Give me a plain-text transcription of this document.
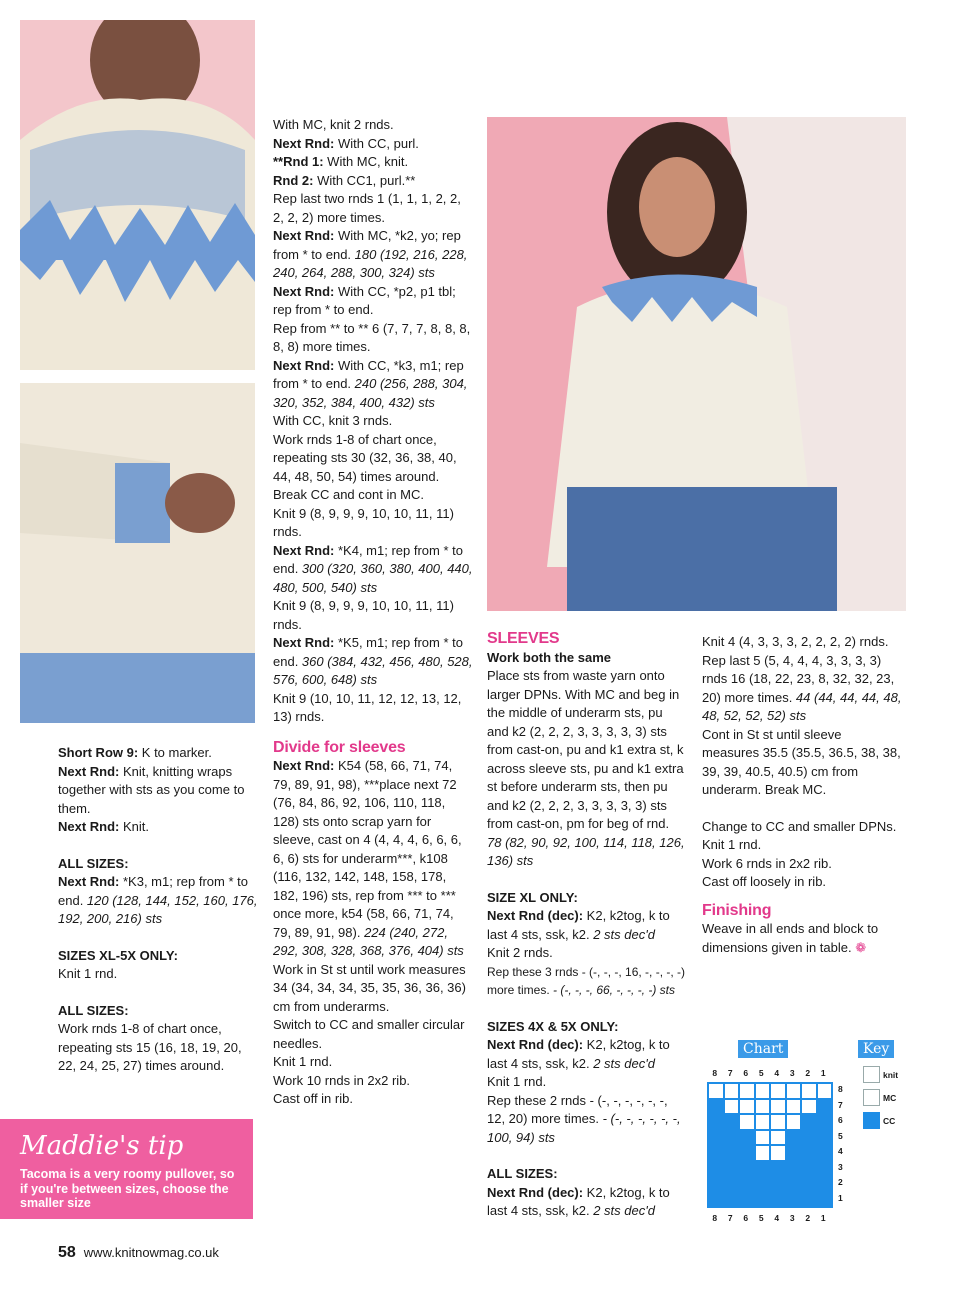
Short Row 9: K to marker.

Next Rnd: Knit, knitting wraps together with sts as you come to them.

Next Rnd: Knit.

ALL SIZES:

Next Rnd: *K3, m1; rep from * to end. 120 (128, 144, 152, 160, 176, 192, 200, 216) sts

SIZES XL-5X ONLY:

Knit 1 rnd.

ALL SIZES:

Work rnds 1-8 of chart once, repeating sts 15 (16, 18, 19, 20, 22, 24, 25, 27) times around.

Maddie's tip
Tacoma is a very roomy pullover, so if you're between sizes, choose the smaller size

With MC, knit 2 rnds.

Next Rnd: With CC, purl.

**Rnd 1: With MC, knit.

Rnd 2: With CC1, purl.**

Rep last two rnds 1 (1, 1, 1, 2, 2, 2, 2, 2) more times.

Next Rnd: With MC, *k2, yo; rep from * to end. 180 (192, 216, 228, 240, 264, 288, 300, 324) sts

Next Rnd: With CC, *p2, p1 tbl; rep from * to end.

Rep from ** to ** 6 (7, 7, 7, 8, 8, 8, 8, 8) more times.

Next Rnd: With CC, *k3, m1; rep from * to end. 240 (256, 288, 304, 320, 352, 384, 400, 432) sts

With CC, knit 3 rnds.

Work rnds 1-8 of chart once, repeating sts 30 (32, 36, 38, 40, 44, 48, 50, 54) times around.

Break CC and cont in MC.

Knit 9 (8, 9, 9, 9, 10, 10, 11, 11) rnds.

Next Rnd: *K4, m1; rep from * to end. 300 (320, 360, 380, 400, 440, 480, 500, 540) sts

Knit 9 (8, 9, 9, 9, 10, 10, 11, 11) rnds.

Next Rnd: *K5, m1; rep from * to end. 360 (384, 432, 456, 480, 528, 576, 600, 648) sts

Knit 9 (10, 10, 11, 12, 12, 13, 12, 13) rnds.

Divide for sleeves

Next Rnd: K54 (58, 66, 71, 74, 79, 89, 91, 98), ***place next 72 (76, 84, 86, 92, 106, 110, 118, 128) sts onto scrap yarn for sleeve, cast on 4 (4, 4, 4, 6, 6, 6, 6, 6) sts for underarm***, k108 (116, 132, 142, 148, 158, 178, 182, 196) sts, rep from *** to *** once more, k54 (58, 66, 71, 74, 79, 89, 91, 98). 224 (240, 272, 292, 308, 328, 368, 376, 404) sts

Work in St st until work measures 34 (34, 34, 34, 35, 35, 36, 36, 36) cm from underarms.

Switch to CC and smaller circular needles.

Knit 1 rnd.

Work 10 rnds in 2x2 rib.

Cast off in rib.

SLEEVES

Work both the same

Place sts from waste yarn onto larger DPNs. With MC and beg in the middle of underarm sts, pu and k2 (2, 2, 2, 3, 3, 3, 3, 3) sts from cast-on, pu and k1 extra st, k across sleeve sts, pu and k1 extra st before underarm sts, then pu and k2 (2, 2, 2, 3, 3, 3, 3, 3) sts from cast-on, pm for beg of rnd. 78 (82, 90, 92, 100, 114, 118, 126, 136) sts

SIZE XL ONLY:

Next Rnd (dec): K2, k2tog, k to last 4 sts, ssk, k2. 2 sts dec'd

Knit 2 rnds.

Rep these 3 rnds - (-, -, -, 16, -, -, -, -) more times. - (-, -, -, 66, -, -, -, -) sts

SIZES 4X & 5X ONLY:

Next Rnd (dec): K2, k2tog, k to last 4 sts, ssk, k2. 2 sts dec'd

Knit 1 rnd.

Rep these 2 rnds - (-, -, -, -, -, -, 12, 20) more times. - (-, -, -, -, -, -, 100, 94) sts

ALL SIZES:

Next Rnd (dec): K2, k2tog, k to last 4 sts, ssk, k2. 2 sts dec'd

Knit 4 (4, 3, 3, 3, 2, 2, 2, 2) rnds.

Rep last 5 (5, 4, 4, 4, 3, 3, 3, 3) rnds 16 (18, 22, 23, 8, 32, 32, 23, 20) more times. 44 (44, 44, 44, 48, 48, 52, 52, 52) sts

Cont in St st until sleeve measures 35.5 (35.5, 36.5, 38, 38, 39, 39, 40.5, 40.5) cm from underarm. Break MC.

Change to CC and smaller DPNs.

Knit 1 rnd.

Work 6 rnds in 2x2 rib.

Cast off loosely in rib.

Finishing

Weave in all ends and block to dimensions given in table. ❁

Chart	Key
8	7	6	5	4	3	2	1
8
7
6
5
4
3
2
1
8	7	6	5	4	3	2	1
knit
MC
CC
58 www.knitnowmag.co.uk
